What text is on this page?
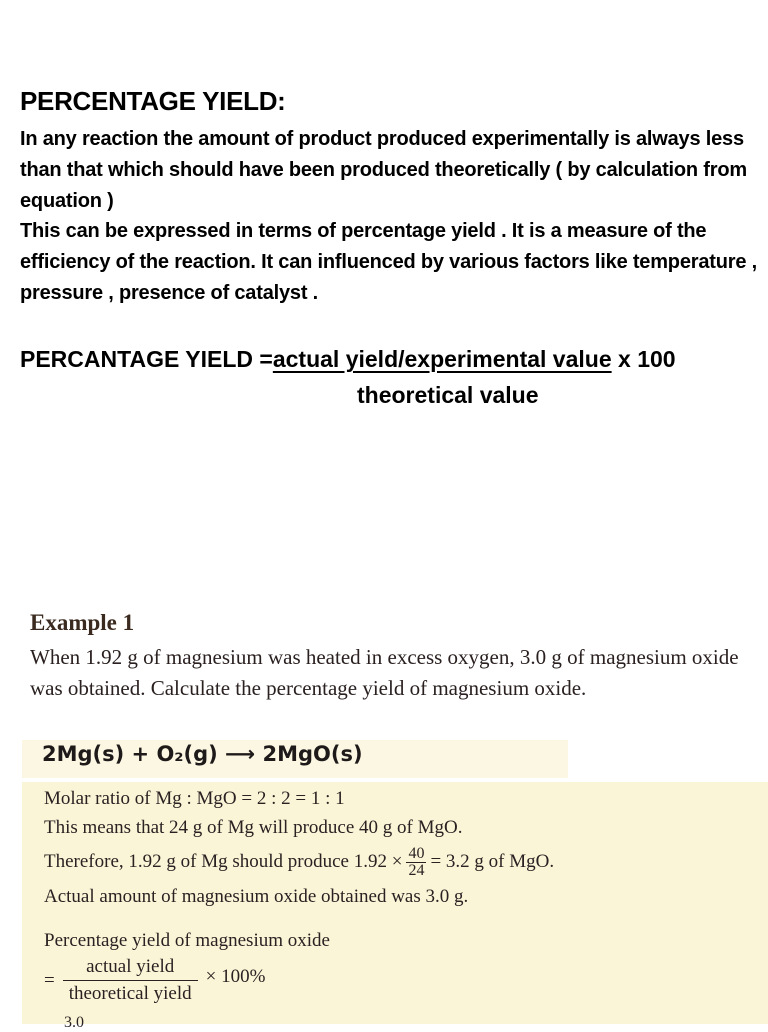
PERCENTAGE YIELD:
In any reaction the amount of product produced experimentally is always less than that which should have been produced theoretically ( by calculation from equation )
This can be expressed in terms of percentage yield . It is a measure of the efficiency of the reaction. It can influenced by various factors like temperature , pressure , presence of catalyst .
PERCANTAGE YIELD =actual yield/experimental value x 100
theoretical value
Example 1
When 1.92 g of magnesium was heated in excess oxygen, 3.0 g of magnesium oxide was obtained. Calculate the percentage yield of magnesium oxide.
2Mg(s) + O₂(g) ⟶ 2MgO(s)
Molar ratio of Mg : MgO = 2 : 2 = 1 : 1
This means that 24 g of Mg will produce 40 g of MgO.
Therefore, 1.92 g of Mg should produce $1.92 \times \frac{40}{24} = 3.2$ g of MgO.
Actual amount of magnesium oxide obtained was 3.0 g.
Percentage yield of magnesium oxide
=
actual yield
theoretical yield
× 100%
3.0
